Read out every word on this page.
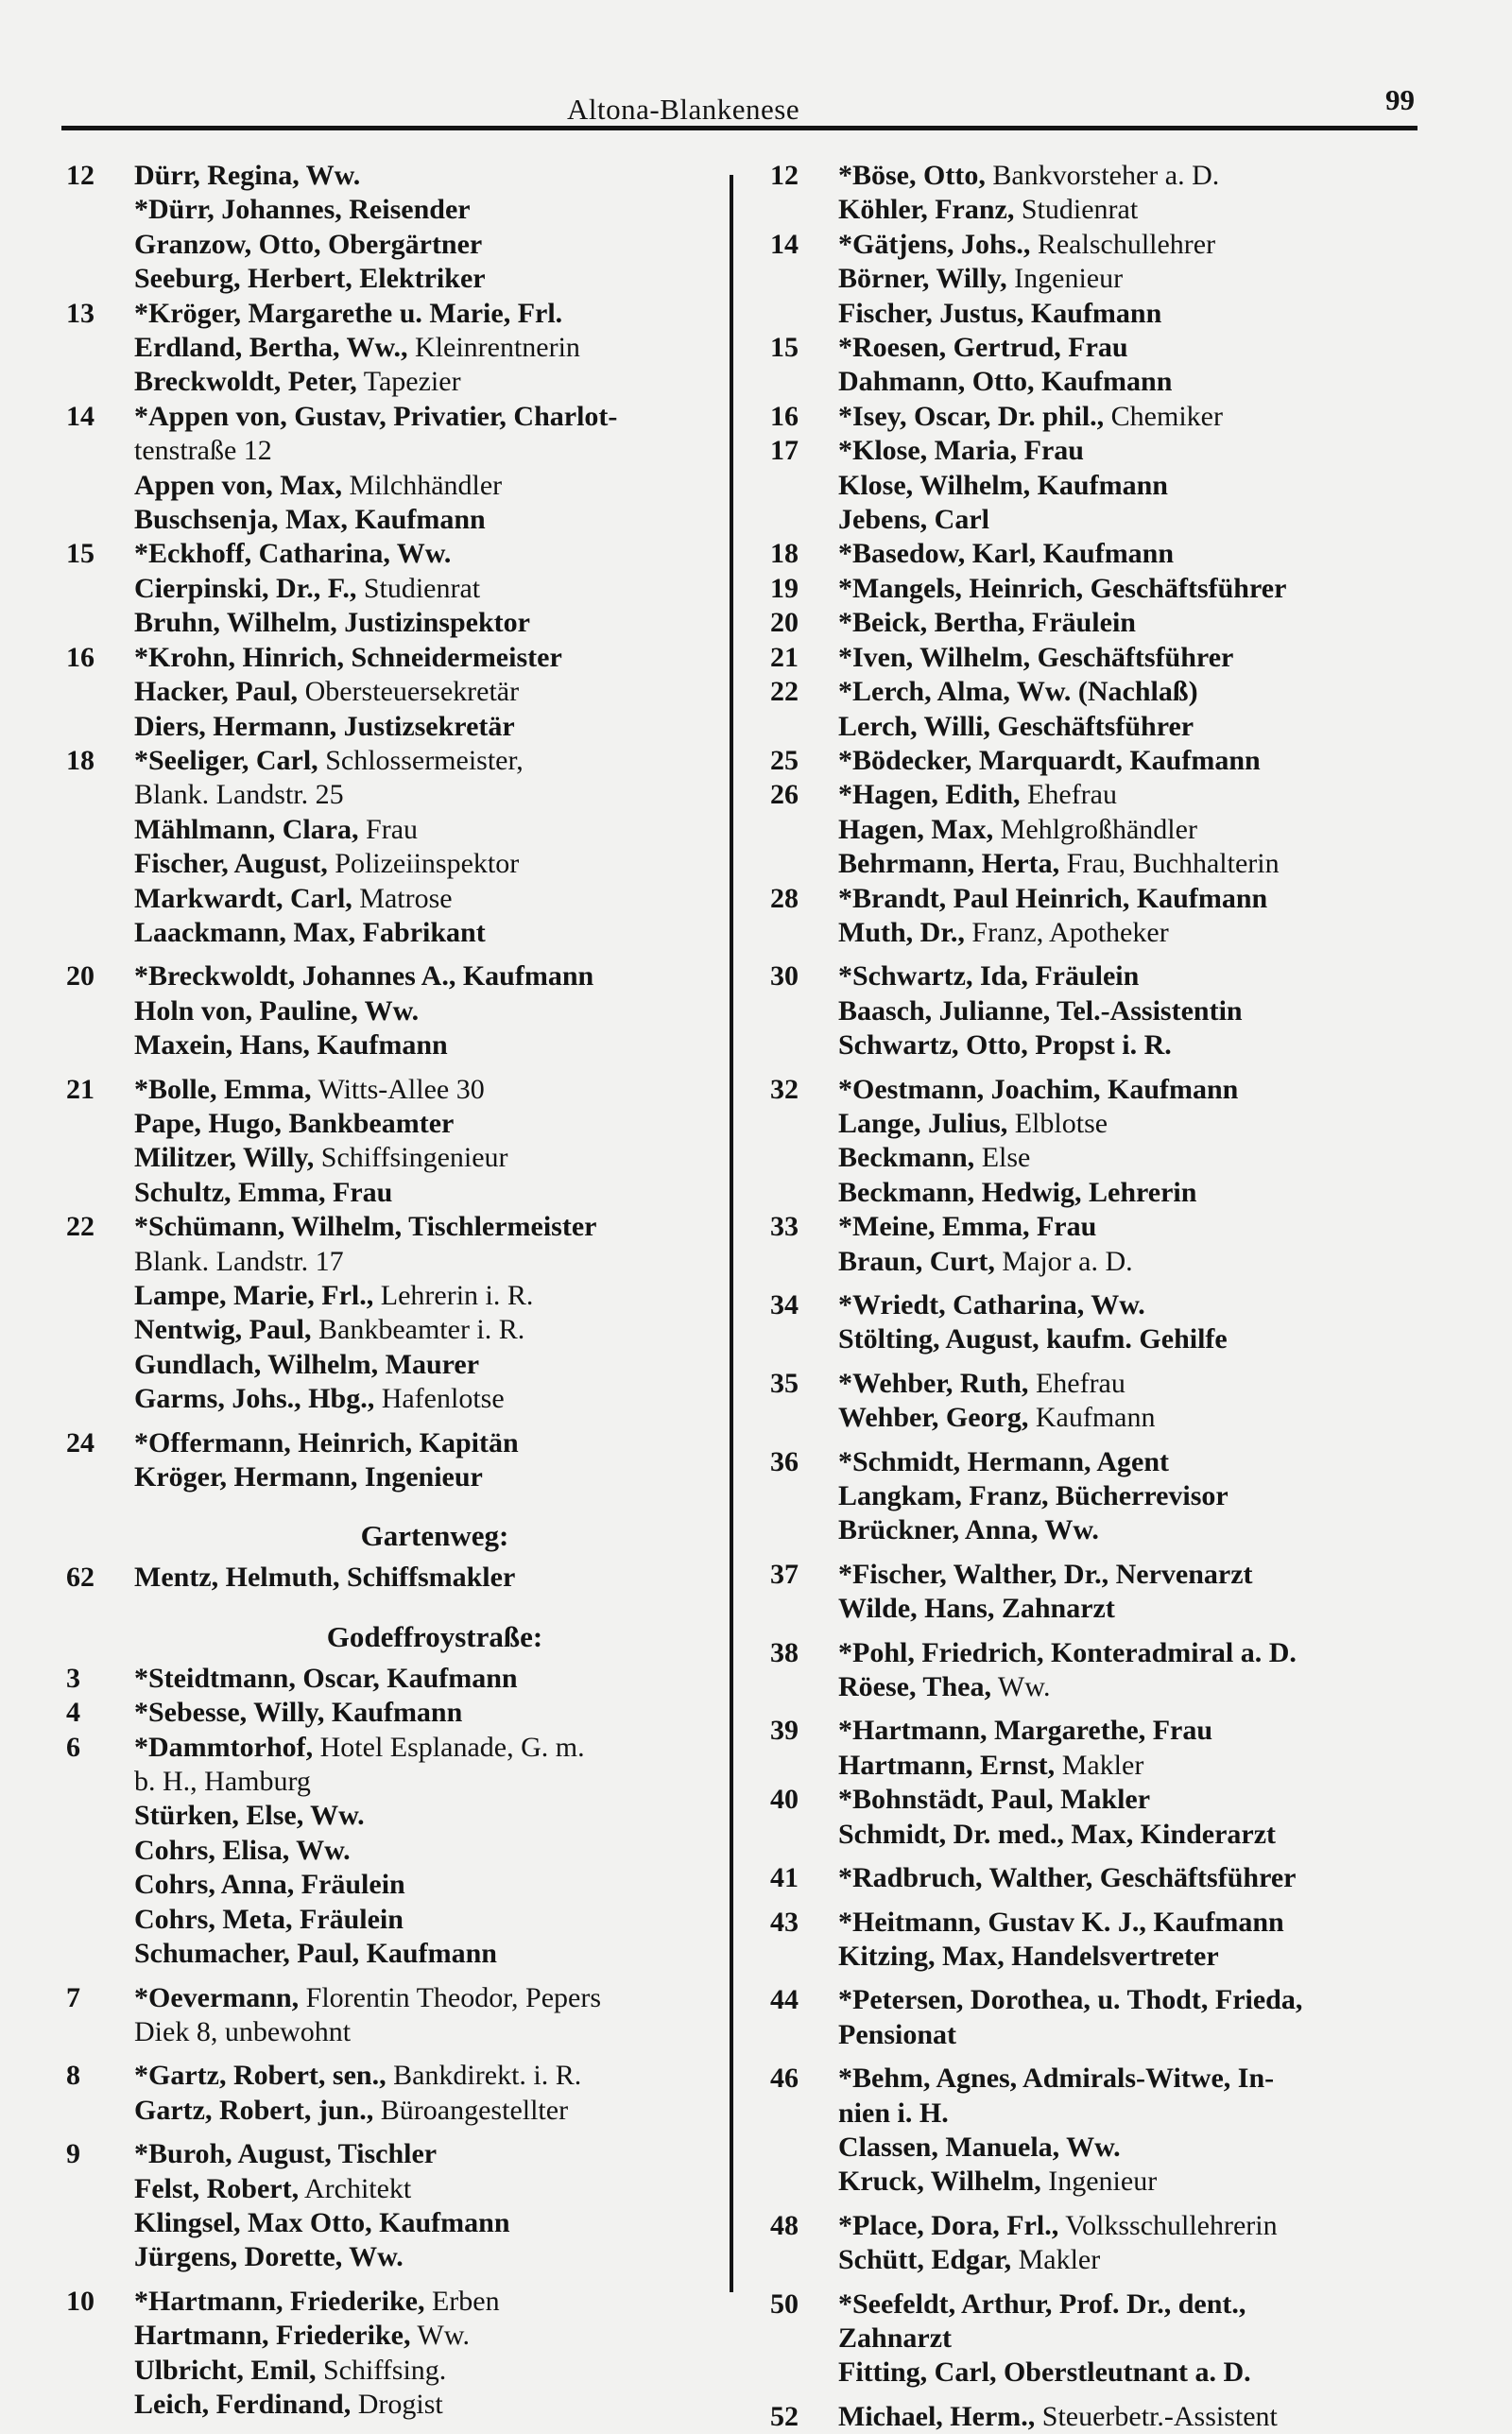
Altona-Blankenese	99
12 Dürr, Regina, Ww.
*Dürr, Johannes, Reisender
Granzow, Otto, Obergärtner
Seeburg, Herbert, Elektriker
13 *Kröger, Margarethe u. Marie, Frl.
Erdland, Bertha, Ww., Kleinrentnerin
Breckwoldt, Peter, Tapezier
14 *Appen von, Gustav, Privatier, Charlot-
tenstraße 12
Appen von, Max, Milchhändler
Buschsenja, Max, Kaufmann
15 *Eckhoff, Catharina, Ww.
Cierpinski, Dr., F., Studienrat
Bruhn, Wilhelm, Justizinspektor
16 *Krohn, Hinrich, Schneidermeister
Hacker, Paul, Obersteuersekretär
Diers, Hermann, Justizsekretär
18 *Seeliger, Carl, Schlossermeister,
Blank. Landstr. 25
Mählmann, Clara, Frau
Fischer, August, Polizeiinspektor
Markwardt, Carl, Matrose
Laackmann, Max, Fabrikant
20 *Breckwoldt, Johannes A., Kaufmann
Holn von, Pauline, Ww.
Maxein, Hans, Kaufmann
21 *Bolle, Emma, Witts-Allee 30
Pape, Hugo, Bankbeamter
Militzer, Willy, Schiffsingenieur
Schultz, Emma, Frau
22 *Schümann, Wilhelm, Tischlermeister
Blank. Landstr. 17
Lampe, Marie, Frl., Lehrerin i. R.
Nentwig, Paul, Bankbeamter i. R.
Gundlach, Wilhelm, Maurer
Garms, Johs., Hbg., Hafenlotse
24 *Offermann, Heinrich, Kapitän
Kröger, Hermann, Ingenieur
Gartenweg:
62 Mentz, Helmuth, Schiffsmakler
Godeffroystraße:
3 *Steidtmann, Oscar, Kaufmann
4 *Sebesse, Willy, Kaufmann
6 *Dammtorhof, Hotel Esplanade, G. m.
b. H., Hamburg
Stürken, Else, Ww.
Cohrs, Elisa, Ww.
Cohrs, Anna, Fräulein
Cohrs, Meta, Fräulein
Schumacher, Paul, Kaufmann
7 *Oevermann, Florentin Theodor, Pepers
Diek 8, unbewohnt
8 *Gartz, Robert, sen., Bankdirekt. i. R.
Gartz, Robert, jun., Büroangestellter
9 *Buroh, August, Tischler
Felst, Robert, Architekt
Klingsel, Max Otto, Kaufmann
Jürgens, Dorette, Ww.
10 *Hartmann, Friederike, Erben
Hartmann, Friederike, Ww.
Ulbricht, Emil, Schiffsing.
Leich, Ferdinand, Drogist
12 *Böse, Otto, Bankvorsteher a. D.
Köhler, Franz, Studienrat
14 *Gätjens, Johs., Realschullehrer
Börner, Willy, Ingenieur
Fischer, Justus, Kaufmann
15 *Roesen, Gertrud, Frau
Dahmann, Otto, Kaufmann
16 *Isey, Oscar, Dr. phil., Chemiker
17 *Klose, Maria, Frau
Klose, Wilhelm, Kaufmann
Jebens, Carl
18 *Basedow, Karl, Kaufmann
19 *Mangels, Heinrich, Geschäftsführer
20 *Beick, Bertha, Fräulein
21 *Iven, Wilhelm, Geschäftsführer
22 *Lerch, Alma, Ww. (Nachlaß)
Lerch, Willi, Geschäftsführer
25 *Bödecker, Marquardt, Kaufmann
26 *Hagen, Edith, Ehefrau
Hagen, Max, Mehlgroßhändler
Behrmann, Herta, Frau, Buchhalterin
28 *Brandt, Paul Heinrich, Kaufmann
Muth, Dr., Franz, Apotheker
30 *Schwartz, Ida, Fräulein
Baasch, Julianne, Tel.-Assistentin
Schwartz, Otto, Propst i. R.
32 *Oestmann, Joachim, Kaufmann
Lange, Julius, Elblotse
Beckmann, Else
Beckmann, Hedwig, Lehrerin
33 *Meine, Emma, Frau
Braun, Curt, Major a. D.
34 *Wriedt, Catharina, Ww.
Stölting, August, kaufm. Gehilfe
35 *Wehber, Ruth, Ehefrau
Wehber, Georg, Kaufmann
36 *Schmidt, Hermann, Agent
Langkam, Franz, Bücherrevisor
Brückner, Anna, Ww.
37 *Fischer, Walther, Dr., Nervenarzt
Wilde, Hans, Zahnarzt
38 *Pohl, Friedrich, Konteradmiral a. D.
Röese, Thea, Ww.
39 *Hartmann, Margarethe, Frau
Hartmann, Ernst, Makler
40 *Bohnstädt, Paul, Makler
Schmidt, Dr. med., Max, Kinderarzt
41 *Radbruch, Walther, Geschäftsführer
43 *Heitmann, Gustav K. J., Kaufmann
Kitzing, Max, Handelsvertreter
44 *Petersen, Dorothea, u. Thodt, Frieda,
Pensionat
46 *Behm, Agnes, Admirals-Witwe, In-
nien i. H.
Classen, Manuela, Ww.
Kruck, Wilhelm, Ingenieur
48 *Place, Dora, Frl., Volksschullehrerin
Schütt, Edgar, Makler
50 *Seefeldt, Arthur, Prof. Dr., dent.,
Zahnarzt
Fitting, Carl, Oberstleutnant a. D.
52 Michael, Herm., Steuerbetr.-Assistent
